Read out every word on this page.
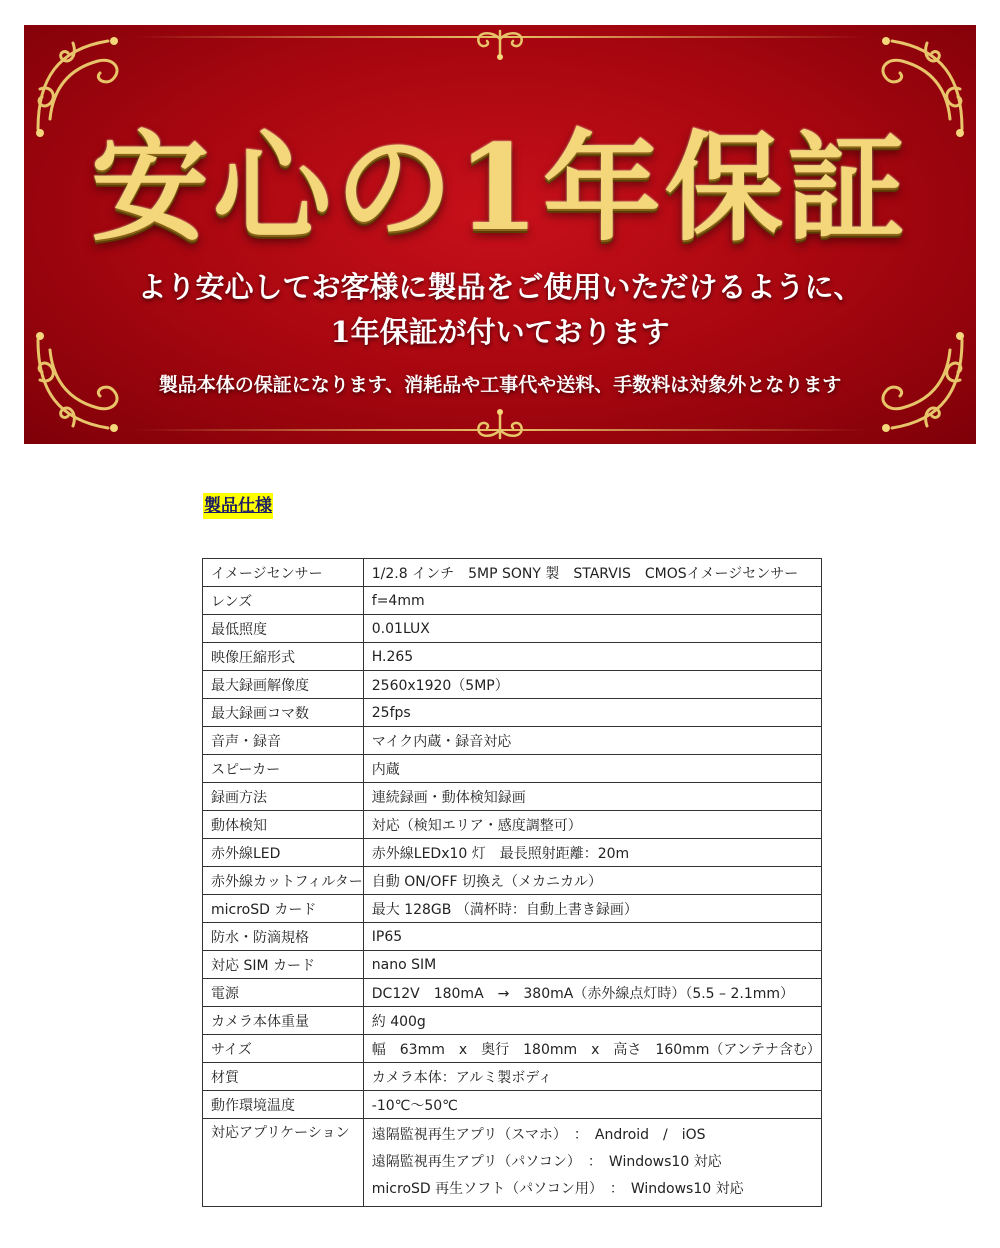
安心の1年保証
より安心してお客様に製品をご使用いただけるように、
1年保証が付いております
製品本体の保証になります、消耗品や工事代や送料、手数料は対象外となります
製品仕様
イメージセンサー	1/2.8 インチ　5MP SONY 製　STARVIS　CMOSイメージセンサー
レンズ	f=4mm
最低照度	0.01LUX
映像圧縮形式	H.265
最大録画解像度	2560x1920（5MP）
最大録画コマ数	25fps
音声・録音	マイク内蔵・録音対応
スピーカー	内蔵
録画方法	連続録画・動体検知録画
動体検知	対応（検知エリア・感度調整可）
赤外線LED	赤外線LEDx10 灯　最長照射距離：20m
赤外線カットフィルター	自動 ON/OFF 切換え（メカニカル）
microSD カード	最大 128GB （満杯時：自動上書き録画）
防水・防滴規格	IP65
対応 SIM カード	nano SIM
電源	DC12V　180mA　→　380mA（赤外線点灯時）（5.5 – 2.1mm）
カメラ本体重量	約 400g
サイズ	幅　63mm　x　奥行　180mm　x　高さ　160mm（アンテナ含む）
材質	カメラ本体：アルミ製ボディ
動作環境温度	-10℃～50℃
対応アプリケーション	遠隔監視再生アプリ（スマホ）　：　Android　/　iOS
遠隔監視再生アプリ（パソコン）　：　Windows10 対応
microSD 再生ソフト（パソコン用）　：　Windows10 対応
